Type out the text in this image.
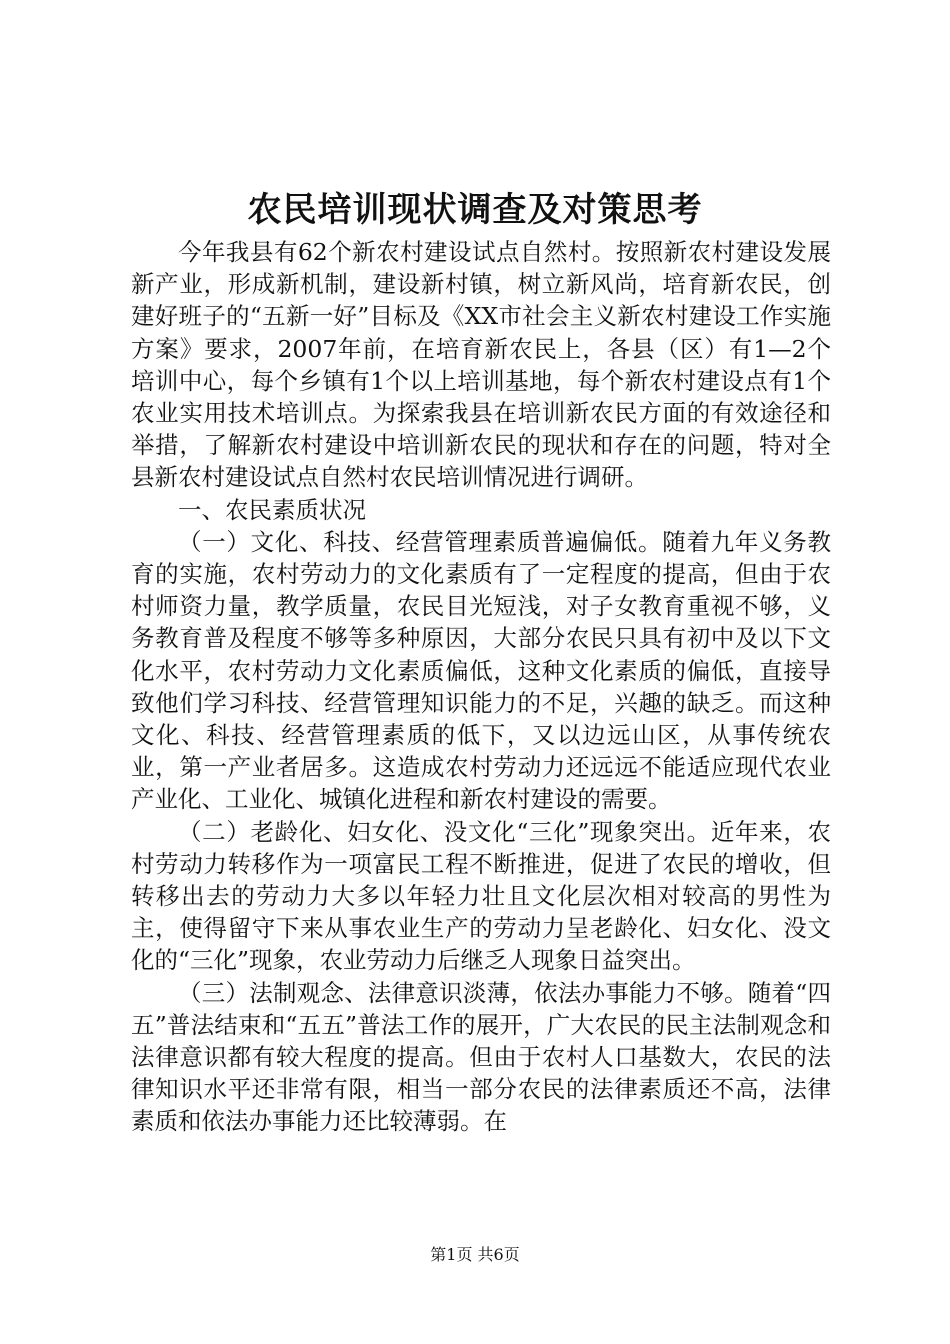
农民培训现状调查及对策思考

今年我县有62个新农村建设试点自然村。按照新农村建设发展新产业，形成新机制，建设新村镇，树立新风尚，培育新农民，创建好班子的“五新一好”目标及《XX市社会主义新农村建设工作实施方案》要求，2007年前，在培育新农民上，各县（区）有1—2个培训中心，每个乡镇有1个以上培训基地，每个新农村建设点有1个农业实用技术培训点。为探索我县在培训新农民方面的有效途径和举措，了解新农村建设中培训新农民的现状和存在的问题，特对全县新农村建设试点自然村农民培训情况进行调研。

一、农民素质状况

（一）文化、科技、经营管理素质普遍偏低。随着九年义务教育的实施，农村劳动力的文化素质有了一定程度的提高，但由于农村师资力量，教学质量，农民目光短浅，对子女教育重视不够，义务教育普及程度不够等多种原因，大部分农民只具有初中及以下文化水平，农村劳动力文化素质偏低，这种文化素质的偏低，直接导致他们学习科技、经营管理知识能力的不足，兴趣的缺乏。而这种文化、科技、经营管理素质的低下，又以边远山区，从事传统农业，第一产业者居多。这造成农村劳动力还远远不能适应现代农业产业化、工业化、城镇化进程和新农村建设的需要。

（二）老龄化、妇女化、没文化“三化”现象突出。近年来，农村劳动力转移作为一项富民工程不断推进，促进了农民的增收，但转移出去的劳动力大多以年轻力壮且文化层次相对较高的男性为主，使得留守下来从事农业生产的劳动力呈老龄化、妇女化、没文化的“三化”现象，农业劳动力后继乏人现象日益突出。

（三）法制观念、法律意识淡薄，依法办事能力不够。随着“四五”普法结束和“五五”普法工作的展开，广大农民的民主法制观念和法律意识都有较大程度的提高。但由于农村人口基数大，农民的法律知识水平还非常有限，相当一部分农民的法律素质还不高，法律素质和依法办事能力还比较薄弱。在

第1页 共6页
